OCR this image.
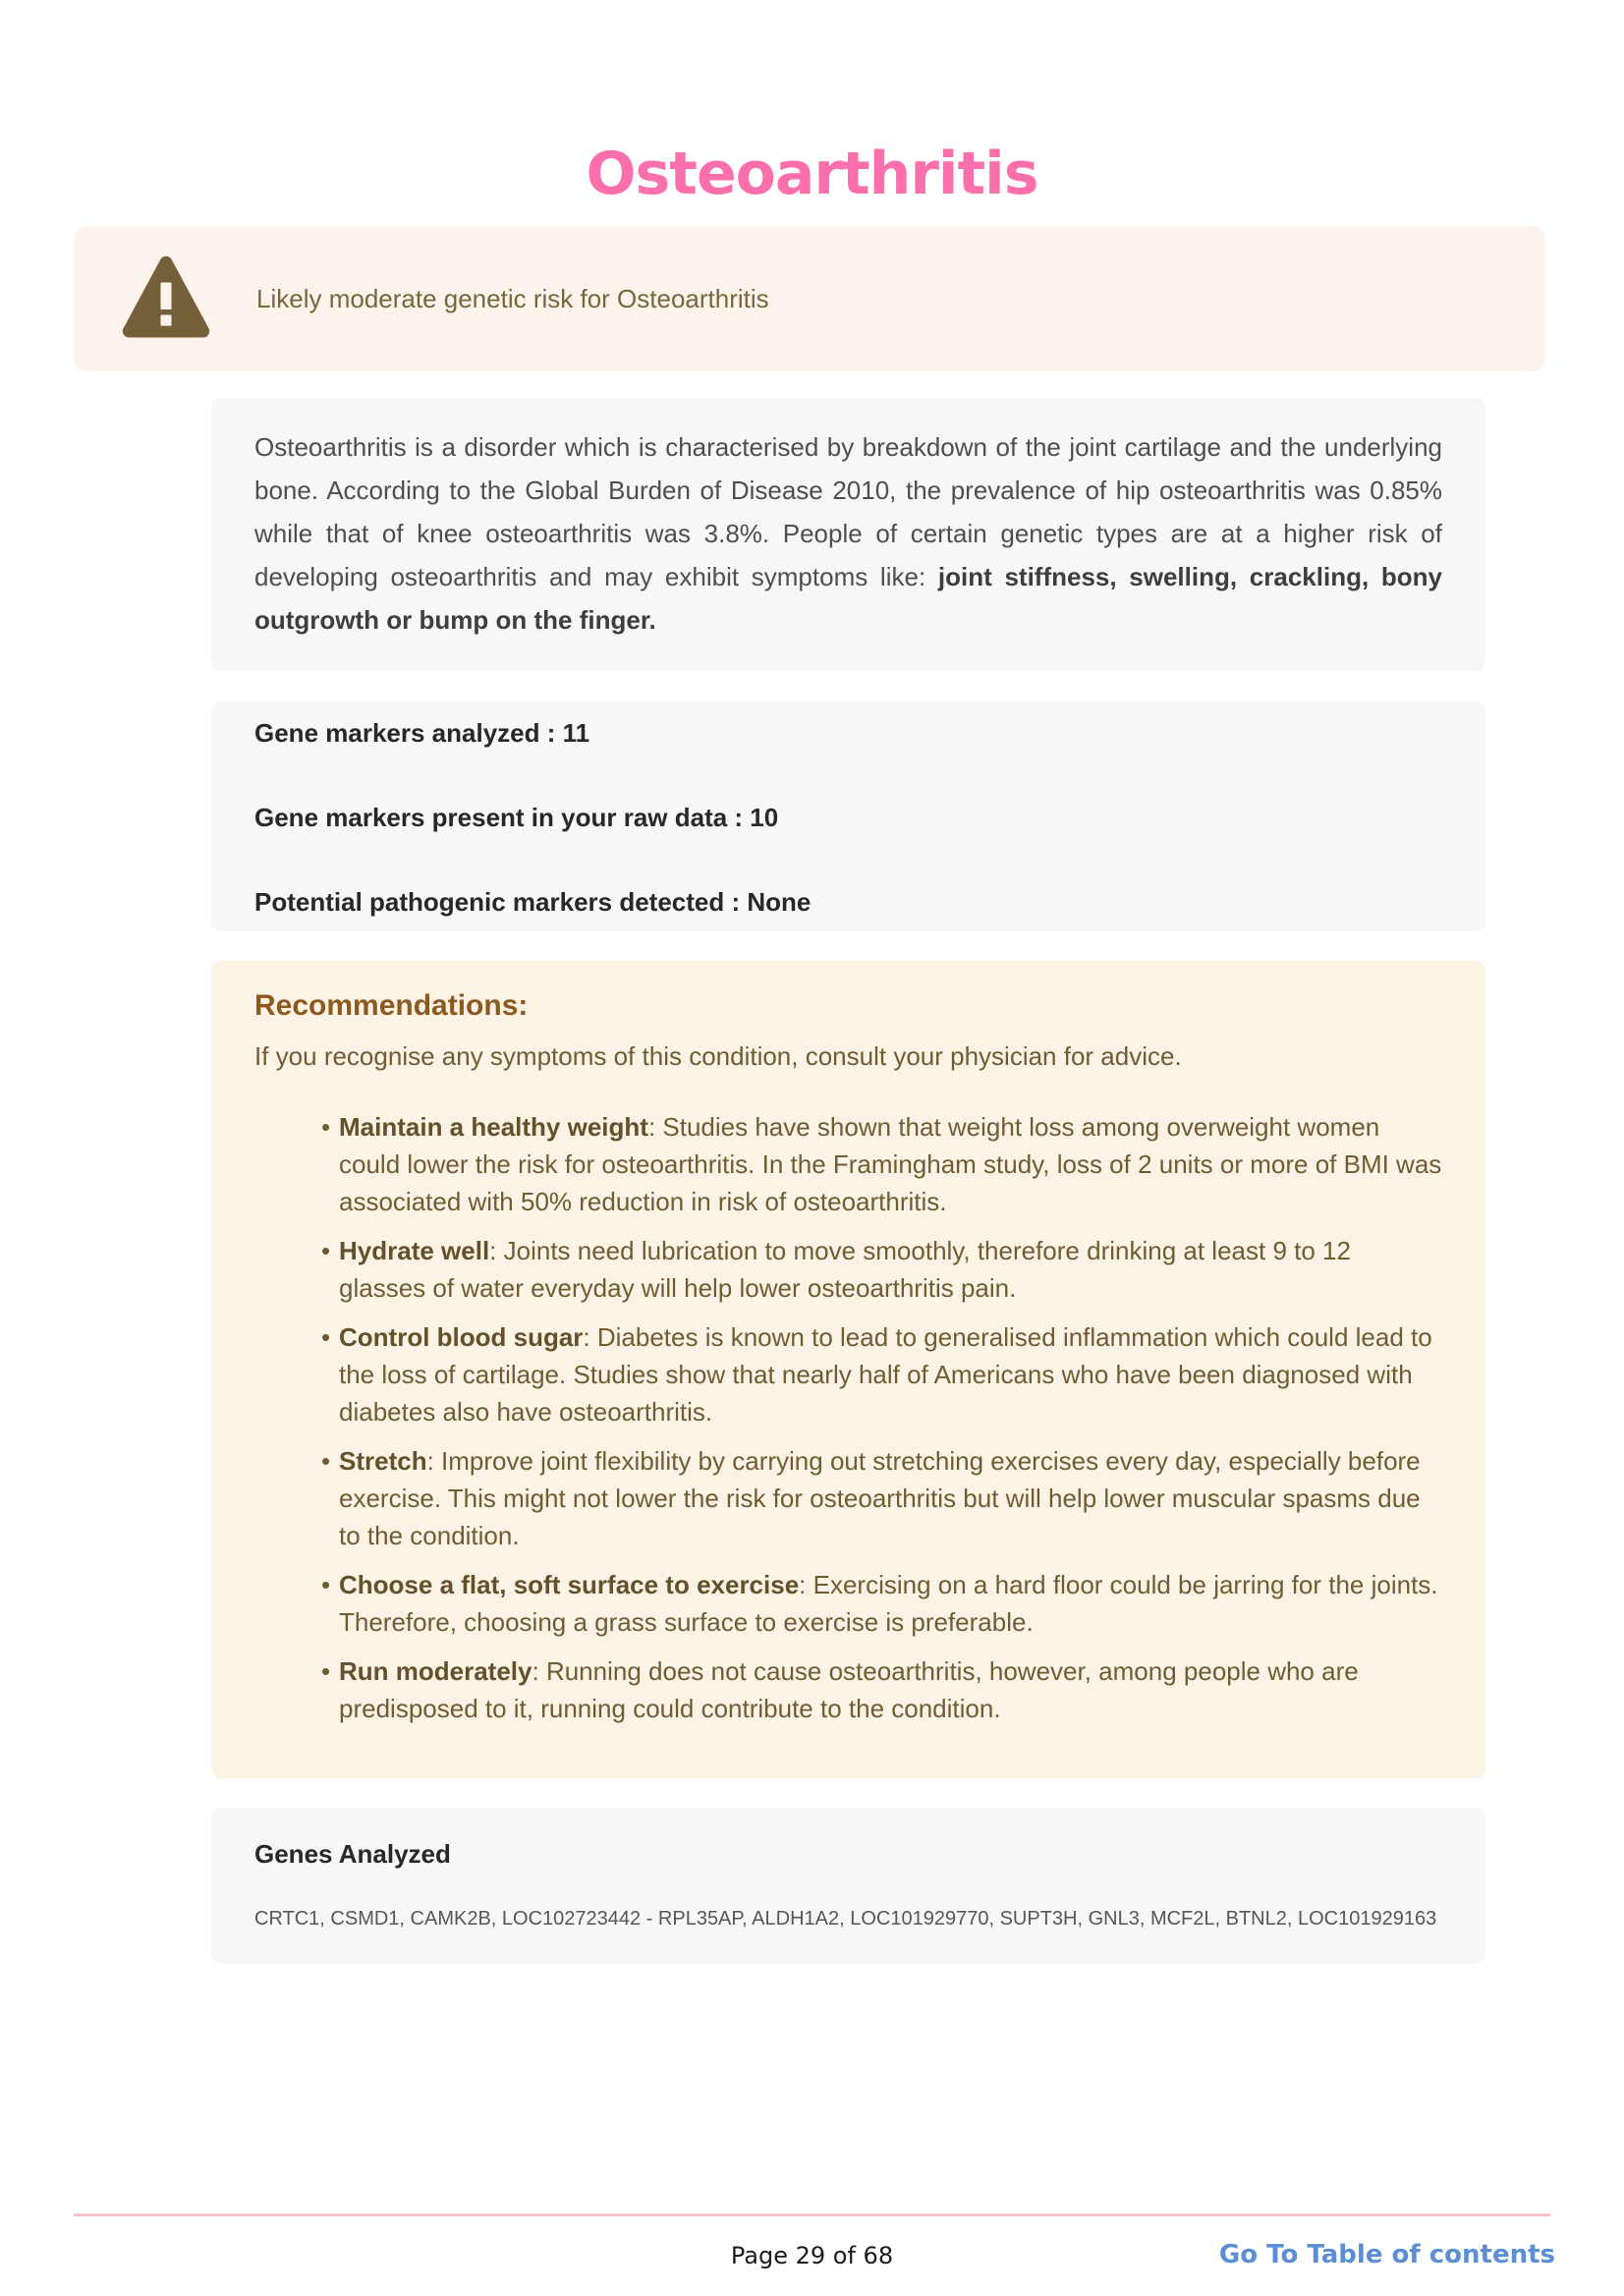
Osteoarthritis
Likely moderate genetic risk for Osteoarthritis

Osteoarthritis is a disorder which is characterised by breakdown of the joint cartilage and the underlying bone. According to the Global Burden of Disease 2010, the prevalence of hip osteoarthritis was 0.85% while that of knee osteoarthritis was 3.8%. People of certain genetic types are at a higher risk of developing osteoarthritis and may exhibit symptoms like: joint stiffness, swelling, crackling, bony outgrowth or bump on the finger.

Gene markers analyzed : 11

Gene markers present in your raw data : 10

Potential pathogenic markers detected : None

Recommendations:

If you recognise any symptoms of this condition, consult your physician for advice.

• Maintain a healthy weight: Studies have shown that weight loss among overweight women could lower the risk for osteoarthritis. In the Framingham study, loss of 2 units or more of BMI was associated with 50% reduction in risk of osteoarthritis.
• Hydrate well: Joints need lubrication to move smoothly, therefore drinking at least 9 to 12 glasses of water everyday will help lower osteoarthritis pain.
• Control blood sugar: Diabetes is known to lead to generalised inflammation which could lead to the loss of cartilage. Studies show that nearly half of Americans who have been diagnosed with diabetes also have osteoarthritis.
• Stretch: Improve joint flexibility by carrying out stretching exercises every day, especially before exercise. This might not lower the risk for osteoarthritis but will help lower muscular spasms due to the condition.
• Choose a flat, soft surface to exercise: Exercising on a hard floor could be jarring for the joints. Therefore, choosing a grass surface to exercise is preferable.
• Run moderately: Running does not cause osteoarthritis, however, among people who are predisposed to it, running could contribute to the condition.
Genes Analyzed

CRTC1, CSMD1, CAMK2B, LOC102723442 - RPL35AP, ALDH1A2, LOC101929770, SUPT3H, GNL3, MCF2L, BTNL2, LOC101929163

Page 29 of 68	Go To Table of contents
